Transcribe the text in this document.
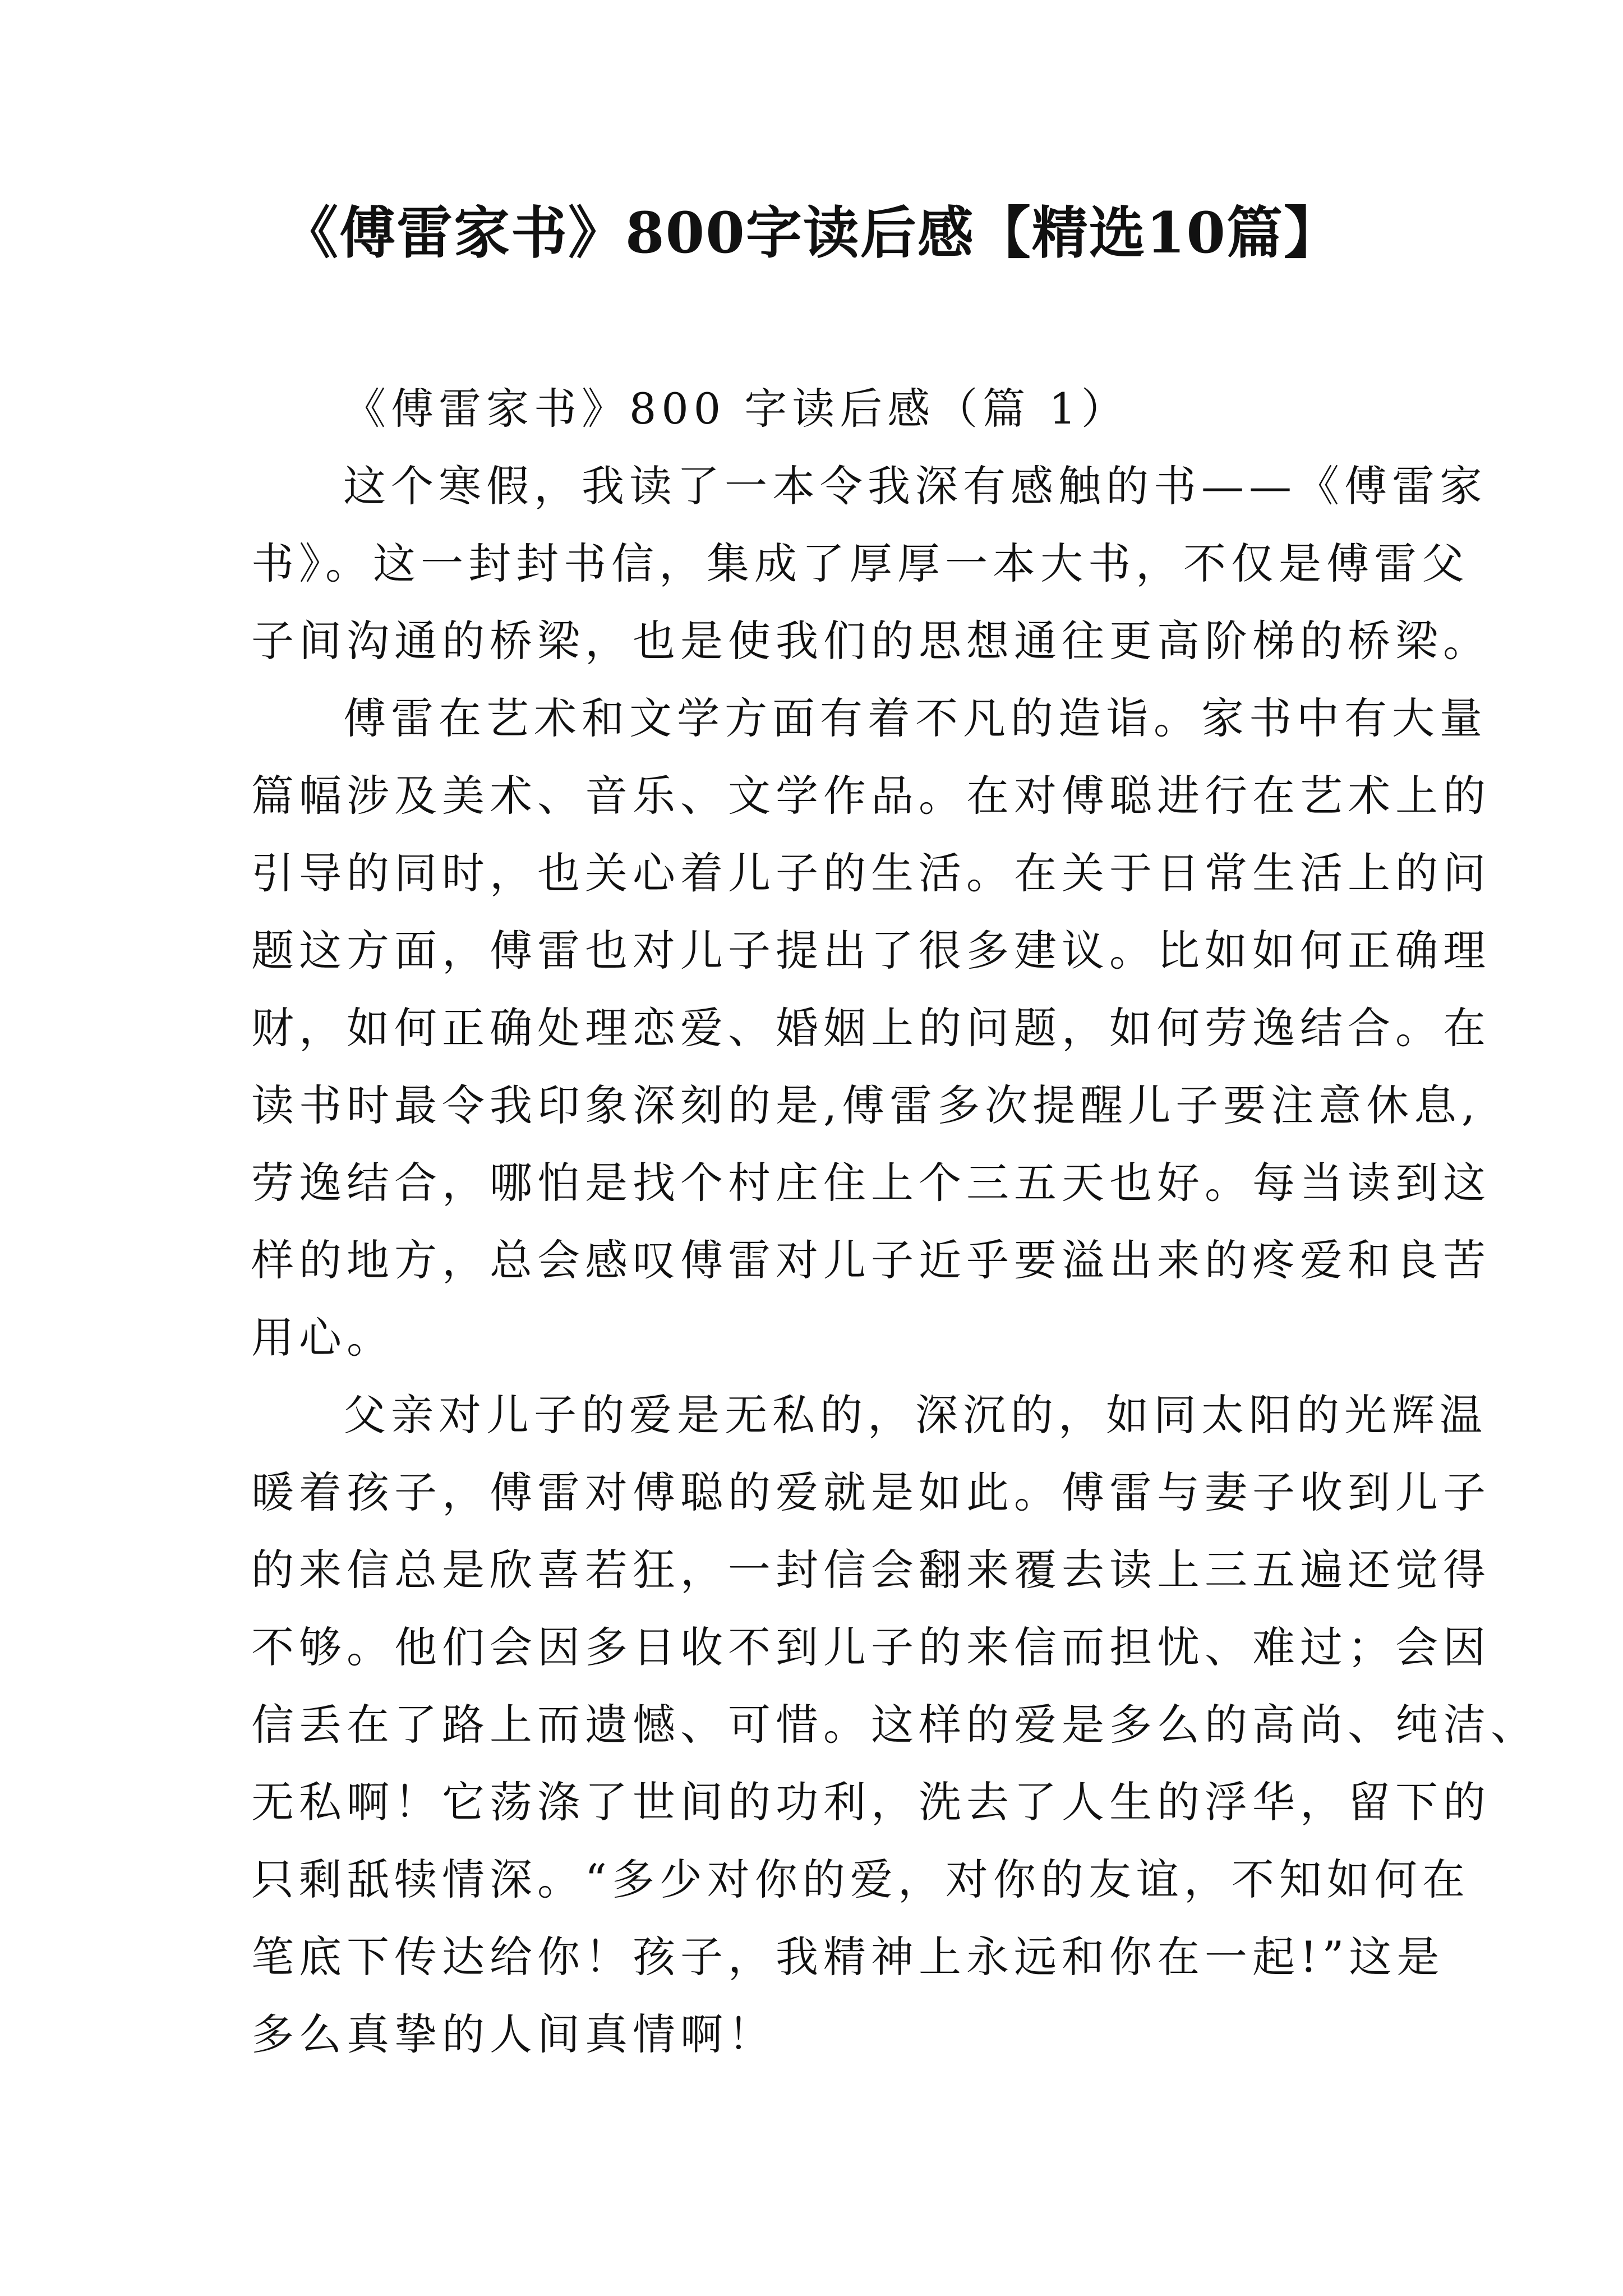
《傅雷家书》800字读后感【精选10篇】
《傅雷家书》800 字读后感（篇 1）
这个寒假，我读了一本令我深有感触的书——《傅雷家
书》。这一封封书信，集成了厚厚一本大书，不仅是傅雷父
子间沟通的桥梁，也是使我们的思想通往更高阶梯的桥梁。
傅雷在艺术和文学方面有着不凡的造诣。家书中有大量
篇幅涉及美术、音乐、文学作品。在对傅聪进行在艺术上的
引导的同时，也关心着儿子的生活。在关于日常生活上的问
题这方面，傅雷也对儿子提出了很多建议。比如如何正确理
财，如何正确处理恋爱、婚姻上的问题，如何劳逸结合。在
读书时最令我印象深刻的是,傅雷多次提醒儿子要注意休息,
劳逸结合，哪怕是找个村庄住上个三五天也好。每当读到这
样的地方，总会感叹傅雷对儿子近乎要溢出来的疼爱和良苦
用心。
父亲对儿子的爱是无私的，深沉的，如同太阳的光辉温
暖着孩子，傅雷对傅聪的爱就是如此。傅雷与妻子收到儿子
的来信总是欣喜若狂，一封信会翻来覆去读上三五遍还觉得
不够。他们会因多日收不到儿子的来信而担忧、难过；会因
信丢在了路上而遗憾、可惜。这样的爱是多么的高尚、纯洁、
无私啊！它荡涤了世间的功利，洗去了人生的浮华，留下的
只剩舐犊情深。“多少对你的爱，对你的友谊，不知如何在
笔底下传达给你！孩子，我精神上永远和你在一起!”这是
多么真挚的人间真情啊！
